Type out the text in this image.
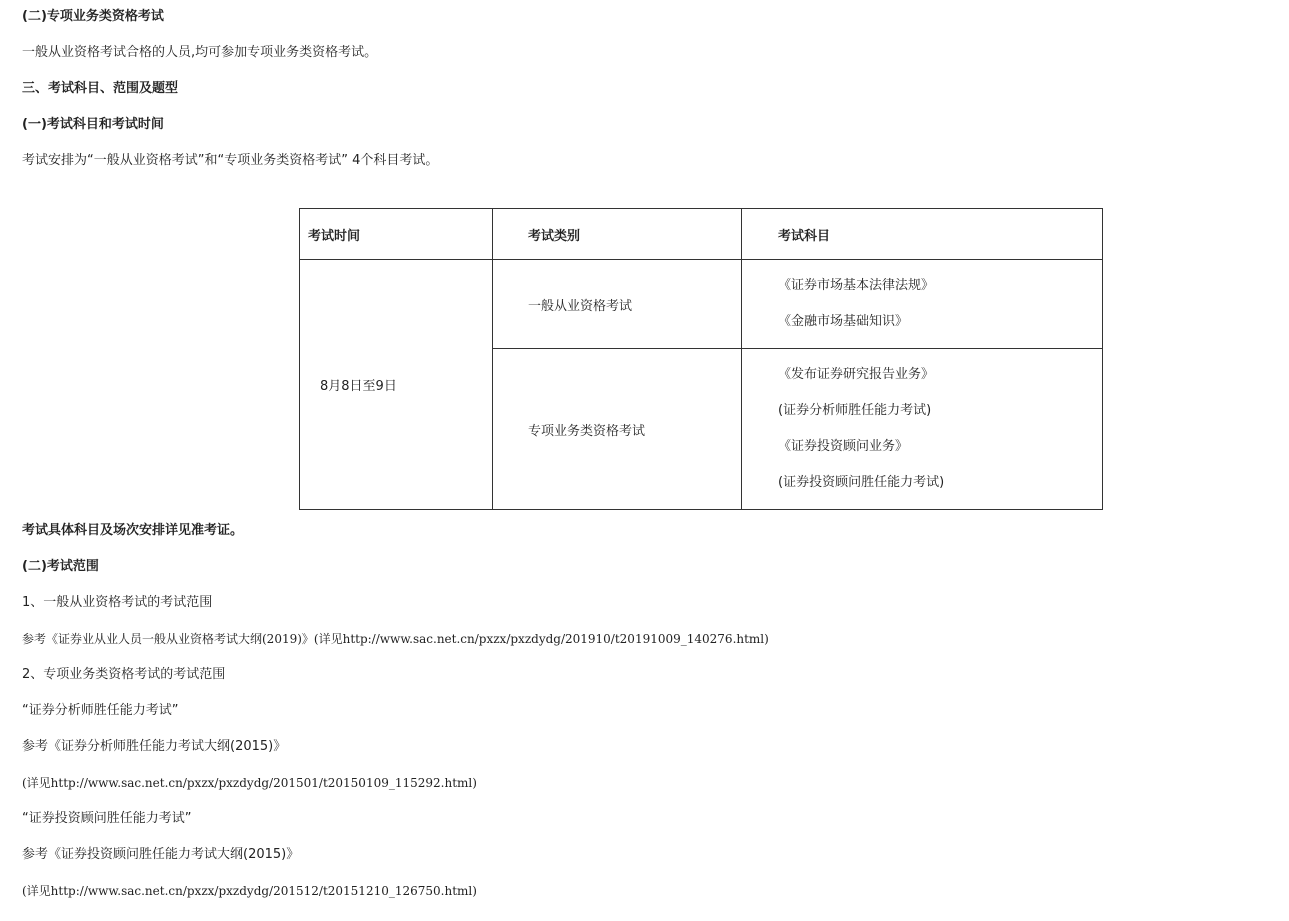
(二)专项业务类资格考试
一般从业资格考试合格的人员,均可参加专项业务类资格考试。
三、考试科目、范围及题型
(一)考试科目和考试时间
考试安排为“一般从业资格考试”和“专项业务类资格考试” 4个科目考试。
考试时间	考试类别	考试科目
8月8日至9日	一般从业资格考试	《证券市场基本法律法规》
《金融市场基础知识》

	专项业务类资格考试	《发布证券研究报告业务》
(证券分析师胜任能力考试)
《证券投资顾问业务》
(证券投资顾问胜任能力考试)
考试具体科目及场次安排详见准考证。
(二)考试范围
1、一般从业资格考试的考试范围
参考《证券业从业人员一般从业资格考试大纲(2019)》(详见http://www.sac.net.cn/pxzx/pxzdydg/201910/t20191009_140276.html)
2、专项业务类资格考试的考试范围
“证券分析师胜任能力考试”
参考《证券分析师胜任能力考试大纲(2015)》
(详见http://www.sac.net.cn/pxzx/pxzdydg/201501/t20150109_115292.html)
“证券投资顾问胜任能力考试”
参考《证券投资顾问胜任能力考试大纲(2015)》
(详见http://www.sac.net.cn/pxzx/pxzdydg/201512/t20151210_126750.html)
